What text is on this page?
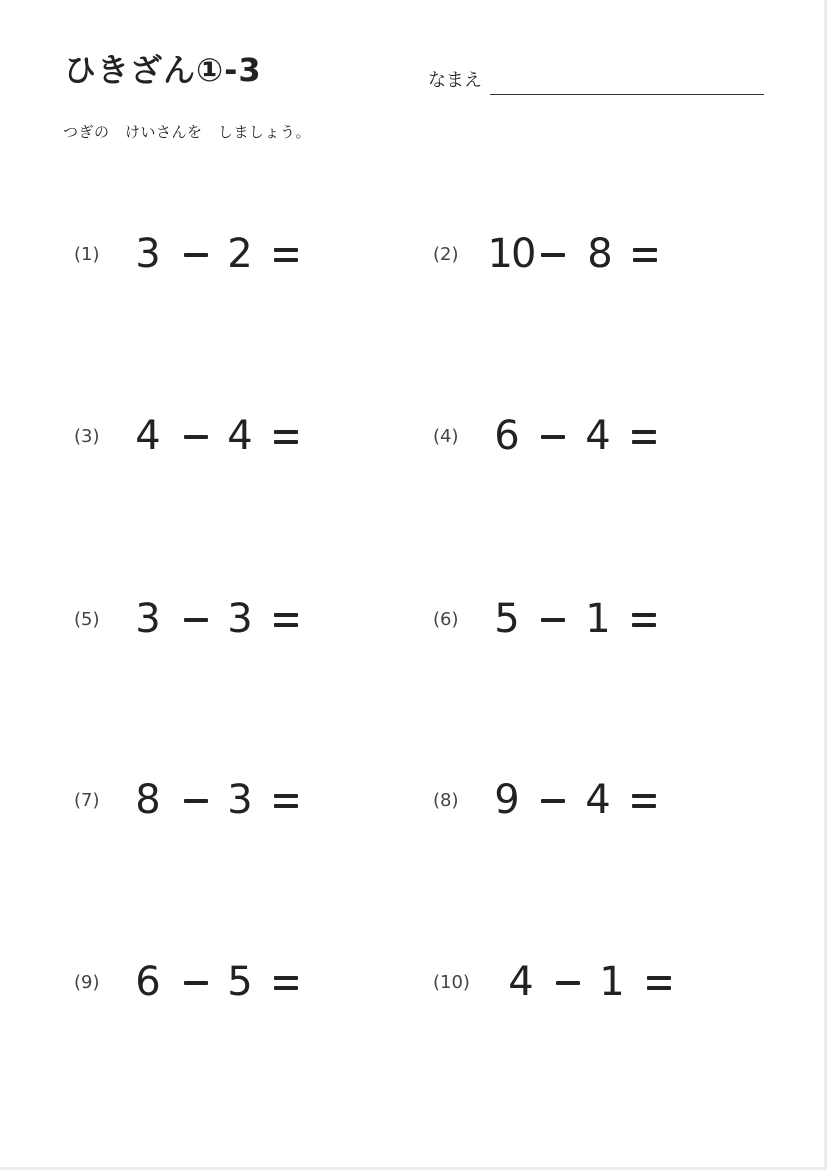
ひきざん①-3	なまえ
つぎの　けいさんを　しましょう。
(1) 3 2	(2) 10 8
(3) 4 4	(4) 6 4
(5) 3 3	(6) 5 1
(7) 8 3	(8) 9 4
(9) 6 5	(10) 4 1
